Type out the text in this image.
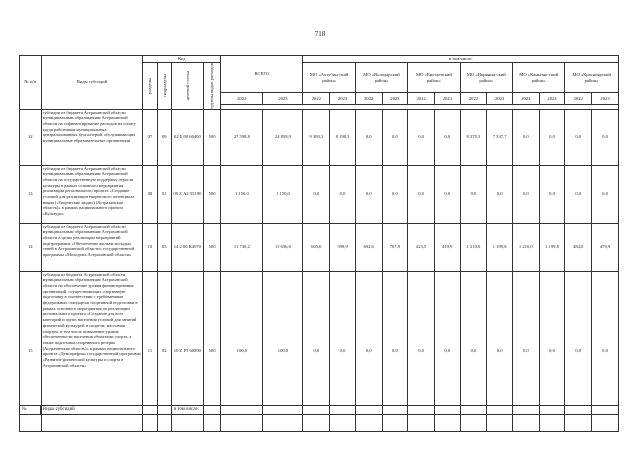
718
№ п/п	Виды субсидий	Код				ВСЕГО		в том числе:											

		разделы	подразделы	целевой статьи	группы видов расходов			МО «Ахтубин-ский район»		МО «Володарский район»		МО «Енотаевский район»		МО «Икрянин-ский район»		МО «Камызяк-ский район»		МО «Красноярский район»	
						2022	2023	2022	2023	2022	2023	2022	2023	2022	2023	2022	2023	2022	2023

12	субсидии из бюджета Астраханской области муниципальным образованиям Астраханской области на софинансирование расходов на оплату труда работников муниципальных централизованных бухгалтерий, обслуживающих муниципальные образовательные организации	07	09	02 Б 00 60400	500	27 598,8	24 858,9	9 309,3	8 198,3	0,0	0,0	0,0	0,0	8 375,3	7 537,7	0,0	0,0	0,0	0,0
13	субсидии из бюджета Астраханской области муниципальным образованиям Астраханской области на государственную поддержку отрасли культуры в рамках основного мероприятия реализации регионального проекта «Создание условий для реализации творческого потенциала нации («Творческие люди») (Астраханская область)» в рамках национального проекта «Культура»	08	01	09 Z А2 55190	500	1 150,0	1 150,0	0,0	0,0	0,0	0,0	0,0	0,0	0,0	0,0	0,0	0,0	0,0	0,0
14	субсидии из бюджета Астраханской области муниципальным образованиям Астраханской области в целях реализации мероприятий подпрограммы «Обеспечение жильем молодых семей в Астраханской области» государственной программы «Молодежь Астраханской области»	10	03	14 2 00 R4970	500	11 730,2	11 656,0	605,0	599,9	692,6	707,9	423,5	419,9	1 210,0	1 199,8	1 210,0	1 199,8	484,0	479,9
15	субсидия из бюджета Астраханской области муниципальным образованиям Астраханской области на обеспечение уровня финансирования организаций, осуществляющих спортивную подготовку в соответствии с требованиями федеральных стандартов спортивной подготовки в рамках основного мероприятия по реализации регионального проекта «Создание для всех категорий и групп населения условий для занятий физической культурой и спортом, массовым спортом, в том числе повышение уровня обеспеченности населения объектами спорта, а также подготовка спортивного резерва (Астраханская область)» в рамках национального проекта «Демография» государственной программы «Развитие физической культуры и спорта в Астраханской области»	11	02	10 Z Р5 60890	500	100,0	100,0	0,0	0,0	0,0	0,0	0,0	0,0	0,0	0,0	0,0	0,0	0,0	0,0
№	Виды субсидий	в том числе:
